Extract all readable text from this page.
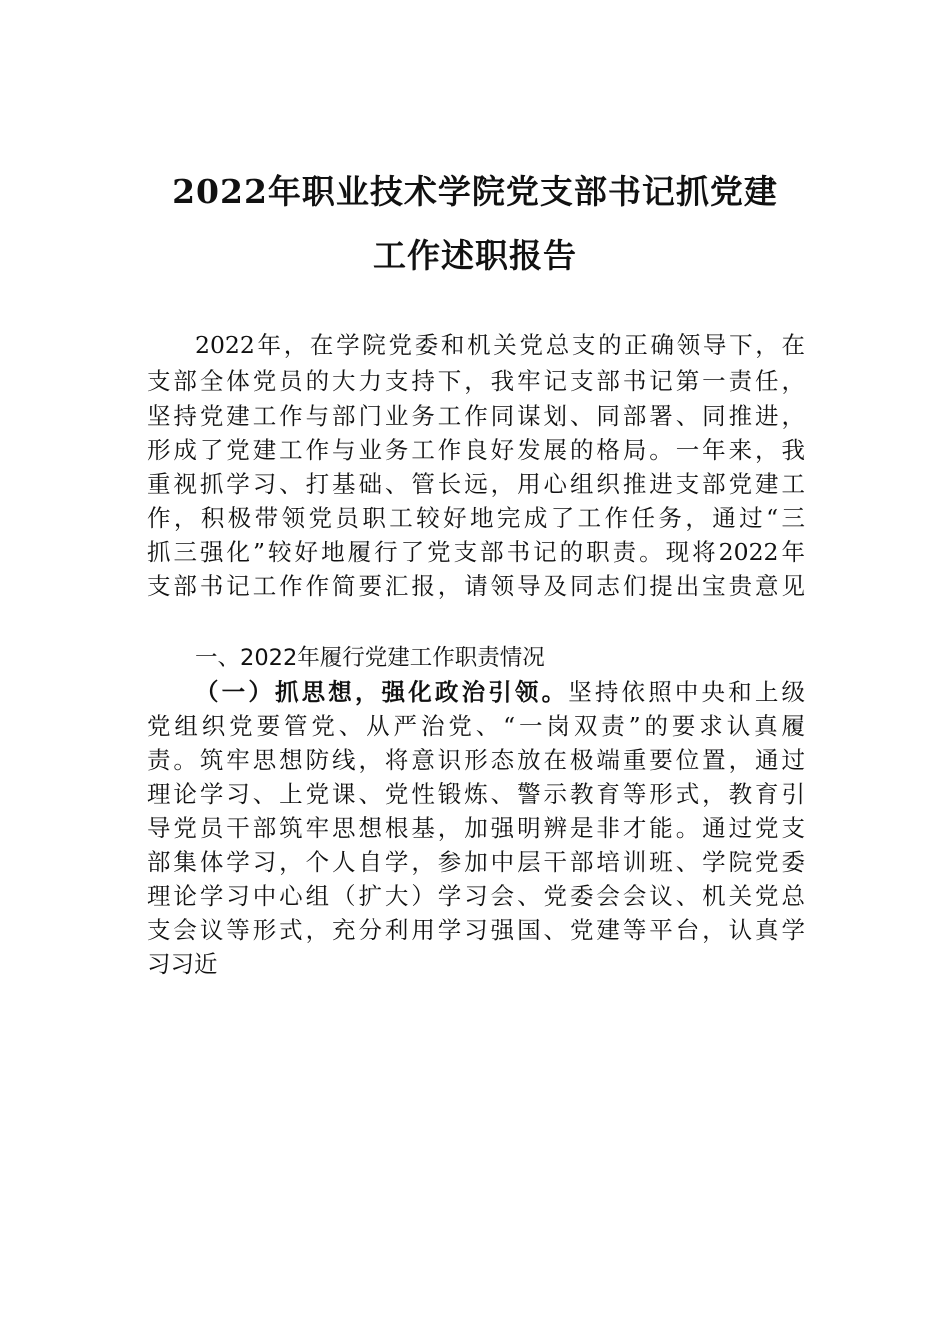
2022年职业技术学院党支部书记抓党建
工作述职报告
2022年，在学院党委和机关党总支的正确领导下，在
支部全体党员的大力支持下，我牢记支部书记第一责任，
坚持党建工作与部门业务工作同谋划、同部署、同推进，
形成了党建工作与业务工作良好发展的格局。一年来，我
重视抓学习、打基础、管长远，用心组织推进支部党建工
作，积极带领党员职工较好地完成了工作任务，通过“三
抓三强化”较好地履行了党支部书记的职责。现将2022年
支部书记工作作简要汇报，请领导及同志们提出宝贵意见
一、2022年履行党建工作职责情况
（一）抓思想，强化政治引领。坚持依照中央和上级
党组织党要管党、从严治党、“一岗双责”的要求认真履
责。筑牢思想防线，将意识形态放在极端重要位置，通过
理论学习、上党课、党性锻炼、警示教育等形式，教育引
导党员干部筑牢思想根基，加强明辨是非才能。通过党支
部集体学习，个人自学，参加中层干部培训班、学院党委
理论学习中心组（扩大）学习会、党委会会议、机关党总
支会议等形式，充分利用学习强国、党建等平台，认真学
习习近
